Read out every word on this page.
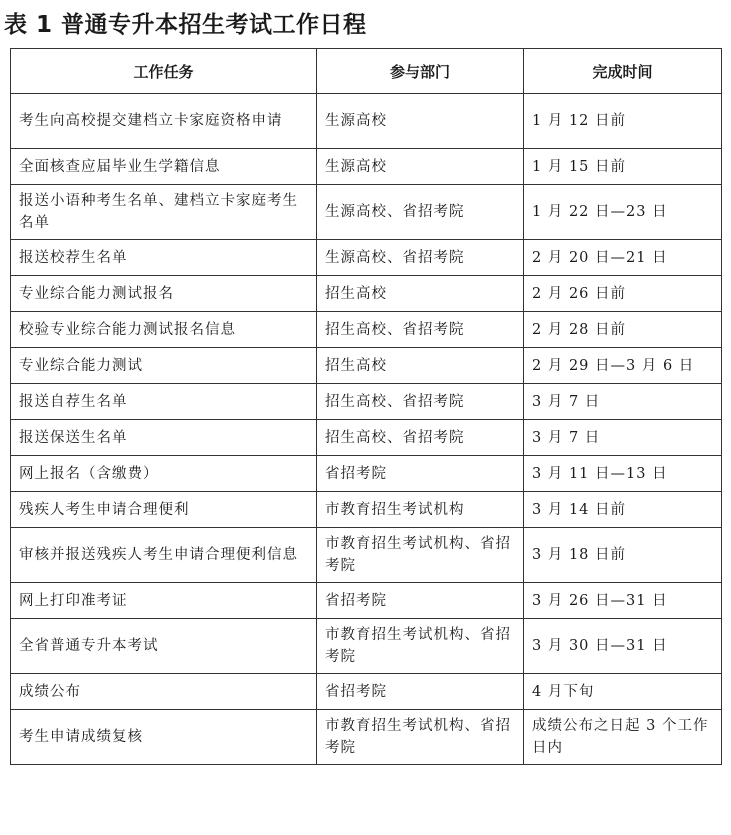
表 1 普通专升本招生考试工作日程
工作任务	参与部门	完成时间
考生向高校提交建档立卡家庭资格申请	生源高校	1 月 12 日前
全面核查应届毕业生学籍信息	生源高校	1 月 15 日前
报送小语种考生名单、建档立卡家庭考生名单	生源高校、省招考院	1 月 22 日—23 日
报送校荐生名单	生源高校、省招考院	2 月 20 日—21 日
专业综合能力测试报名	招生高校	2 月 26 日前
校验专业综合能力测试报名信息	招生高校、省招考院	2 月 28 日前
专业综合能力测试	招生高校	2 月 29 日—3 月 6 日
报送自荐生名单	招生高校、省招考院	3 月 7 日
报送保送生名单	招生高校、省招考院	3 月 7 日
网上报名（含缴费）	省招考院	3 月 11 日—13 日
残疾人考生申请合理便利	市教育招生考试机构	3 月 14 日前
审核并报送残疾人考生申请合理便利信息	市教育招生考试机构、省招考院	3 月 18 日前
网上打印准考证	省招考院	3 月 26 日—31 日
全省普通专升本考试	市教育招生考试机构、省招考院	3 月 30 日—31 日
成绩公布	省招考院	4 月下旬
考生申请成绩复核	市教育招生考试机构、省招考院	成绩公布之日起 3 个工作日内
